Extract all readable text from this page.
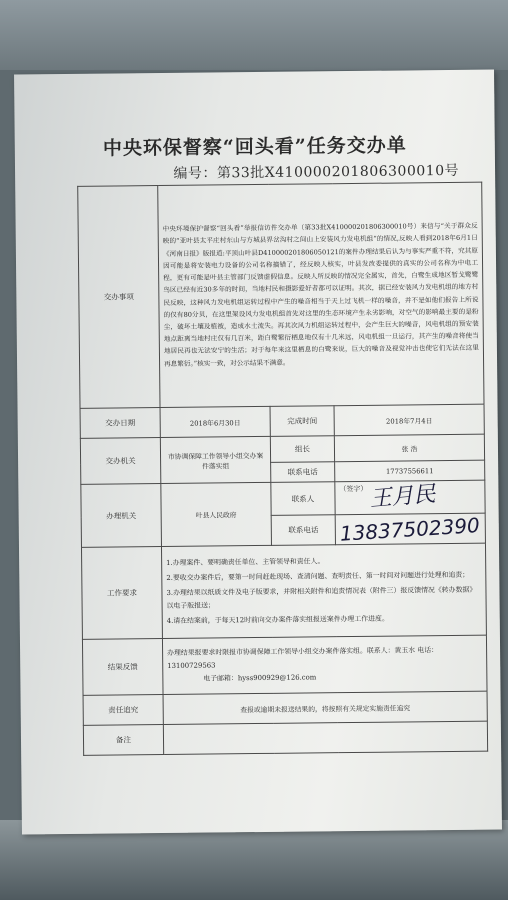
中央环保督察“回头看”任务交办单
编号：第33批X410000201806300010号
交办事项	中央环境保护督察“回头看”举报信访件交办单（第33批X410000201806300010号）来信与“关于群众反映的“亚叶县太平庄村东山与方城县界岔沟村之间山上安装风力发电机组”的情况,反映人看到2018年6月1日《河南日报》版报道:平顶山叶县D410000201806050121的案件办理结果后认为与事实严重不符，究其原因可能是将安装电力设备的公司名称搞错了，经反映人核实，叶县发改委提供的真实的公司名称为中电工程，更有可能是叶县主管部门反馈虚假信息。反映人所反映的情况完全属实，首先，白鹭生成地区暂戈鹭鹭鸟区已经有近30多年的时间，当地村民和摄影爱好者都可以证明。其次，据已经安装风力发电机组的地方村民反映，这种风力发电机组运转过程中产生的噪音相当于天上过飞机一样的噪音，并不是如他们报告上所说的仅有80分贝，在这里架设风力发电机组首先对这里的生态环境产生永劣影响，对空气的影响最主要的是粉尘，破坏土壤及植被，造成水土流失。再其次风力机组运转过程中，会产生巨大的噪音，风电机组的预安装地点距离当地村庄仅有几百米，距白鹭繁衍栖息地仅有十几米远，风电机组一旦运行，其产生的噪音将使当地居民再也无法安宁的生活；对于每年来这里栖息的白鹭来说，巨大的噪音及视觉冲击也使它们无法在这里再息繁衍。”核实一致，对公示结果不满意。		
交办日期	2018年6月30日	完成时间	2018年7月4日
交办机关	市协调保障工作领导小组交办案件落实组	组长	张 浩
		联系电话	17737556611
办理机关	叶县人民政府	联系人	（签字） 王月民

		联系电话	13837502390
工作要求	1.办理案件、要明确责任单位、主管领导和责任人。

2.要收交办案件后，要第一时间赶赴现场、查清问题、查明责任、第一时间对问题进行处理和追责；

3.办理结果以纸质文件及电子版要求，并附相关附件和追责情况表（附件三）报反馈情况《转办数据》以电子版报送；

4.请在结案前，于每天12时前向交办案件落实组报送案件办理工作进度。		

结果反馈	办理结果报要求时限报市协调保障工作领导小组交办案件落实组。联系人：黄玉水 电话：13100729563
电子邮箱：hyss900929@126.com		

责任追究	查报或逾期未报送结果的，将按照有关规定实施责任追究		
备注			
